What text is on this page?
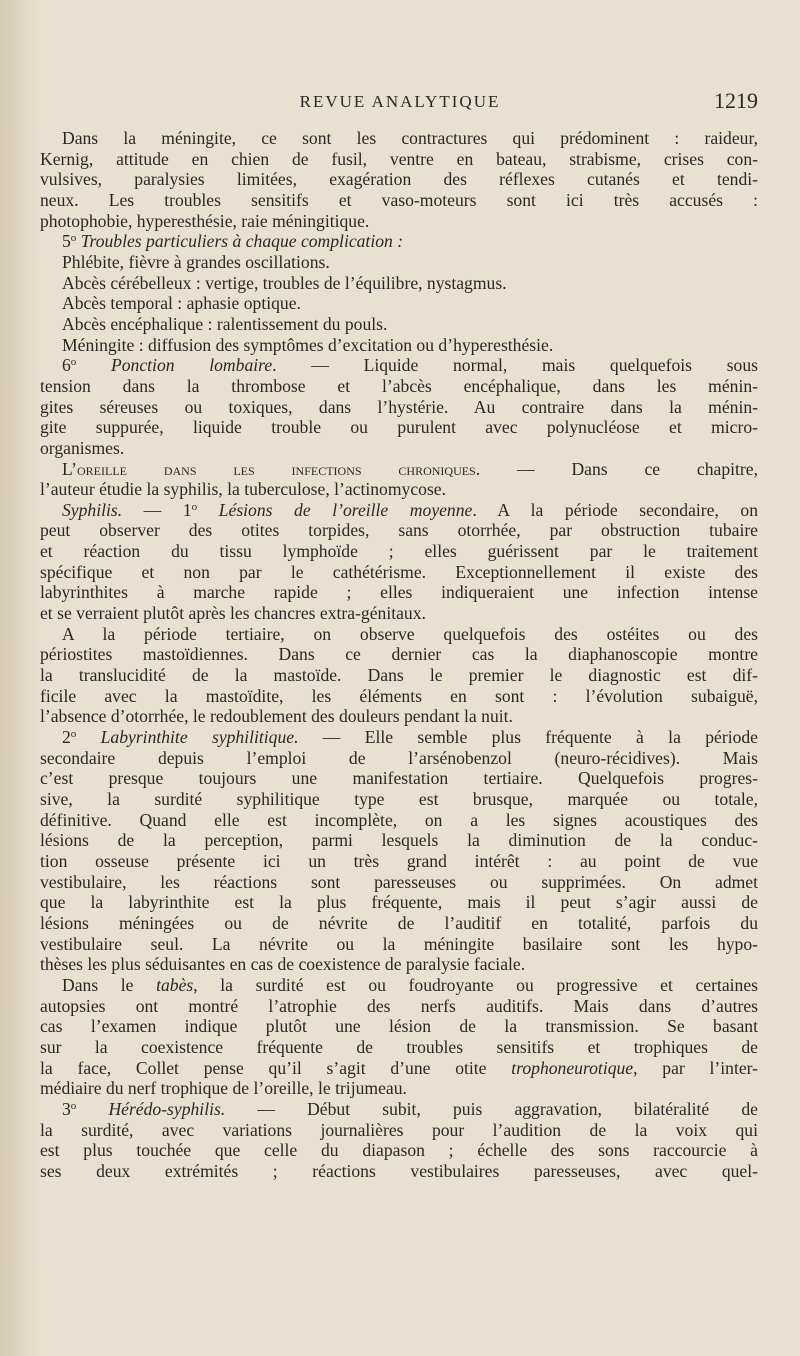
REVUE ANALYTIQUE	1219

Dans la méningite, ce sont les contractures qui prédominent : raideur,

Kernig, attitude en chien de fusil, ventre en bateau, strabisme, crises con-

vulsives, paralysies limitées, exagération des réflexes cutanés et tendi-

neux. Les troubles sensitifs et vaso-moteurs sont ici très accusés :

photophobie, hyperesthésie, raie méningitique.

5$^o$ Troubles particuliers à chaque complication :

Phlébite, fièvre à grandes oscillations.

Abcès cérébelleux : vertige, troubles de l’équilibre, nystagmus.

Abcès temporal : aphasie optique.

Abcès encéphalique : ralentissement du pouls.

Méningite : diffusion des symptômes d’excitation ou d’hyperesthésie.

6$^o$ Ponction lombaire. — Liquide normal, mais quelquefois sous

tension dans la thrombose et l’abcès encéphalique, dans les ménin-

gites séreuses ou toxiques, dans l’hystérie. Au contraire dans la ménin-

gite suppurée, liquide trouble ou purulent avec polynucléose et micro-

organismes.

L’oreille dans les infections chroniques. — Dans ce chapitre,

l’auteur étudie la syphilis, la tuberculose, l’actinomycose.

Syphilis. — 1$^o$ Lésions de l’oreille moyenne. A la période secondaire, on

peut observer des otites torpides, sans otorrhée, par obstruction tubaire

et réaction du tissu lymphoïde ; elles guérissent par le traitement

spécifique et non par le cathétérisme. Exceptionnellement il existe des

labyrinthites à marche rapide ; elles indiqueraient une infection intense

et se verraient plutôt après les chancres extra-génitaux.

A la période tertiaire, on observe quelquefois des ostéites ou des

périostites mastoïdiennes. Dans ce dernier cas la diaphanoscopie montre

la translucidité de la mastoïde. Dans le premier le diagnostic est dif-

ficile avec la mastoïdite, les éléments en sont : l’évolution subaiguë,

l’absence d’otorrhée, le redoublement des douleurs pendant la nuit.

2$^o$ Labyrinthite syphilitique. — Elle semble plus fréquente à la période

secondaire depuis l’emploi de l’arsénobenzol (neuro-récidives). Mais

c’est presque toujours une manifestation tertiaire. Quelquefois progres-

sive, la surdité syphilitique type est brusque, marquée ou totale,

définitive. Quand elle est incomplète, on a les signes acoustiques des

lésions de la perception, parmi lesquels la diminution de la conduc-

tion osseuse présente ici un très grand intérêt : au point de vue

vestibulaire, les réactions sont paresseuses ou supprimées. On admet

que la labyrinthite est la plus fréquente, mais il peut s’agir aussi de

lésions méningées ou de névrite de l’auditif en totalité, parfois du

vestibulaire seul. La névrite ou la méningite basilaire sont les hypo-

thèses les plus séduisantes en cas de coexistence de paralysie faciale.

Dans le tabès, la surdité est ou foudroyante ou progressive et certaines

autopsies ont montré l’atrophie des nerfs auditifs. Mais dans d’autres

cas l’examen indique plutôt une lésion de la transmission. Se basant

sur la coexistence fréquente de troubles sensitifs et trophiques de

la face, Collet pense qu’il s’agit d’une otite trophoneurotique, par l’inter-

médiaire du nerf trophique de l’oreille, le trijumeau.

3$^o$ Hérédo-syphilis. — Début subit, puis aggravation, bilatéralité de

la surdité, avec variations journalières pour l’audition de la voix qui

est plus touchée que celle du diapason ; échelle des sons raccourcie à

ses deux extrémités ; réactions vestibulaires paresseuses, avec quel-
